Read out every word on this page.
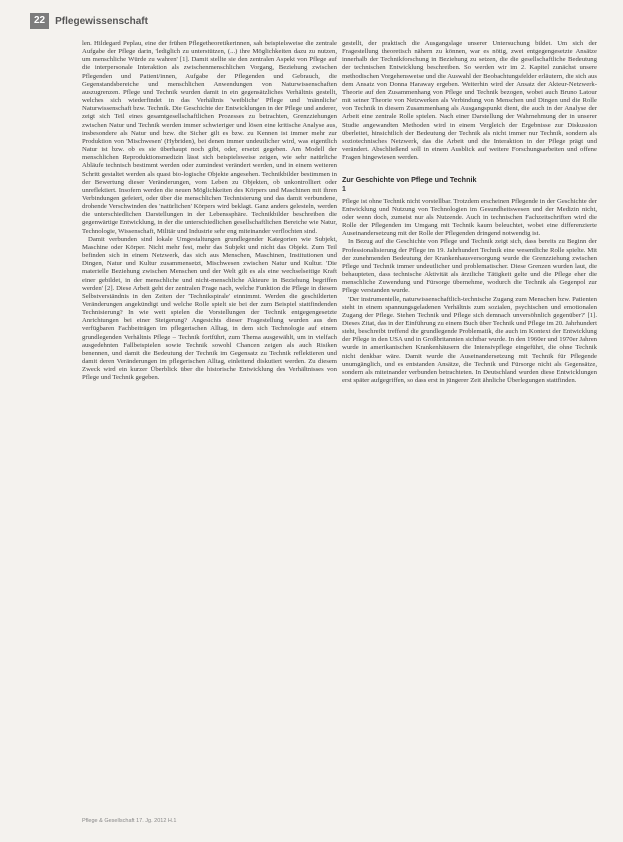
22	Pflegewissenschaft

len. Hildegard Peplau, eine der frühen Pflegetheoretikerinnen, sah beispielsweise die zentrale Aufgabe der Pflege darin, 'lediglich zu unterstützen, (...) ihre Möglichkeiten dazu zu nutzen, um menschliche Würde zu wahren' [1]. Damit stellte sie den zentralen Aspekt von Pflege auf die interpersonale Interaktion als zwischenmenschlichen Vorgang, Beziehung zwischen Pflegenden und Patient/innen, Aufgabe der Pflegenden und Gebrauch, die Gegenstandsbereiche und menschlichen Anwendungen von Naturwissenschaften auszugrenzen. Pflege und Technik wurden damit in ein gegensätzliches Verhältnis gestellt, welches sich wiederfindet in das Verhältnis 'weibliche' Pflege und 'männliche' Naturwissenschaft bzw. Technik. Die Geschichte der Entwicklungen in der Pflege und anderer, zeigt sich Teil eines gesamtgesellschaftlichen Prozesses zu betrachten, Grenzziehungen zwischen Natur und Technik werden immer schwieriger und lösen eine kritische Analyse aus, insbesondere als Natur und bzw. die Sicher gilt es bzw. zu Kennen ist immer mehr zur Produktion von 'Mischwesen' (Hybriden), bei denen immer undeutlicher wird, was eigentlich Natur ist bzw. ob es sie überhaupt noch gibt, oder, ersetzt gegeben. Am Modell der menschlichen Reproduktionsmedizin lässt sich beispielsweise zeigen, wie sehr natürliche Abläufe technisch bestimmt werden oder zumindest verändert werden, und in einem weiteren Schritt gestaltet werden als quasi bio-logische Objekte angesehen. Technikbilder bestimmen in der Bewertung dieser Veränderungen, vom Leben zu Objekten, ob unkontrolliert oder unreflektiert. Insofern werden die neuen Möglichkeiten des Körpers und Maschinen mit ihren Verbindungen gefeiert, oder über die menschlichen Technisierung und das damit verbundene, drohende Verschwinden des 'natürlichen' Körpers wird beklagt. Ganz anders gelesteln, werden die unterschiedlichen Darstellungen in der Lebenssphäre. Technikbilder beschreiben die gegenwärtige Entwicklung, in der die unterschiedlichen gesellschaftlichen Bereiche wie Natur, Technologie, Wissenschaft, Militär und Industrie sehr eng miteinander verflochten sind.

Damit verbunden sind lokale Umgestaltungen grundlegender Kategorien wie Subjekt, Maschine oder Körper. Nicht mehr fest, mehr das Subjekt und nicht das Objekt. Zum Teil befinden sich in einem Netzwerk, das sich aus Menschen, Maschinen, Institutionen und Dingen, Natur und Kultur zusammensetzt, Mischwesen zwischen Natur und Kultur. 'Die materielle Beziehung zwischen Menschen und der Welt gilt es als eine wechselseitige Kraft einer gebildet, in der menschliche und nicht-menschliche Akteure in Beziehung begriffen werden' [2]. Diese Arbeit geht der zentralen Frage nach, welche Funktion die Pflege in diesem Selbstverständnis in den Zeiten der 'Technikspirale' einnimmt. Werden die geschilderten Veränderungen angekündigt und welche Rolle spielt sie bei der zum Beispiel stattfindenden Technisierung? In wie weit spielen die Vorstellungen der Technik entgegengesetzte Anrichtungen bei einer Steigerung? Angesichts dieser Fragestellung wurden aus den verfügbaren Fachbeiträgen im pflegerischen Alltag, in dem sich Technologie auf einem grundlegenden Verhältnis Pflege – Technik fortführt, zum Thema ausgewählt, um in vielfach ausgedehnten Fallbeispielen sowie Technik sowohl Chancen zeigen als auch Risiken benennen, und damit die Bedeutung der Technik im Gegensatz zu Technik reflektieren und damit deren Veränderungen im pflegerischen Alltag, einleitend diskutiert werden. Zu diesem Zweck wird ein kurzer Überblick über die historische Entwicklung des Verhältnisses von Pflege und Technik gegeben.

gestellt, der praktisch die Ausgangslage unserer Untersuchung bildet. Um sich der Fragestellung theoretisch nähern zu können, war es nötig, zwei entgegengesetzte Ansätze innerhalb der Technikforschung in Beziehung zu setzen, die die gesellschaftliche Bedeutung der technischen Entwicklung beschreiben. So werden wir im 2. Kapitel zunächst unsere methodischen Vorgehensweise und die Auswahl der Beobachtungsfelder erläutern, die sich aus dem Ansatz von Donna Haraway ergeben. Weiterhin wird der Ansatz der Akteur-Netzwerk-Theorie auf den Zusammenhang von Pflege und Technik bezogen, wobei auch Bruno Latour mit seiner Theorie von Netzwerken als Verbindung von Menschen und Dingen und die Rolle von Technik in diesem Zusammenhang als Ausgangspunkt dient, die auch in der Analyse der Arbeit eine zentrale Rolle spielen. Nach einer Darstellung der Wahrnehmung der in unserer Studie angewandten Methoden wird in einem Vergleich der Ergebnisse zur Diskussion überleitet, hinsichtlich der Bedeutung der Technik als nicht immer nur Technik, sondern als soziotechnisches Netzwerk, das die Arbeit und die Interaktion in der Pflege prägt und verändert. Abschließend soll in einem Ausblick auf weitere Forschungsarbeiten und offene Fragen hingewiesen werden.

Zur Geschichte von Pflege und Technik
1

Pflege ist ohne Technik nicht vorstellbar. Trotzdem erscheinen Pflegende in der Geschichte der Entwicklung und Nutzung von Technologien im Gesundheitswesen und der Medizin nicht, oder wenn doch, zumeist nur als Nutzende. Auch in technischen Fachzeitschriften wird die Rolle der Pflegenden im Umgang mit Technik kaum beleuchtet, wobei eine differenzierte Auseinandersetzung mit der Rolle der Pflegenden dringend notwendig ist.

In Bezug auf die Geschichte von Pflege und Technik zeigt sich, dass bereits zu Beginn der Professionalisierung der Pflege im 19. Jahrhundert Technik eine wesentliche Rolle spielte. Mit der zunehmenden Bedeutung der Krankenhausversorgung wurde die Grenzziehung zwischen Pflege und Technik immer undeutlicher und problematischer. Diese Grenzen wurden laut, die behaupteten, dass technische Aktivität als ärztliche Tätigkeit gelte und die Pflege eher die menschliche Zuwendung und Fürsorge übernehme, wodurch die Technik als Gegenpol zur Pflege verstanden wurde.

'Der instrumentelle, naturwissenschaftlich-technische Zugang zum Menschen bzw. Patienten steht in einem spannungsgeladenen Verhältnis zum sozialen, psychischen und emotionalen Zugang der Pflege. Stehen Technik und Pflege sich demnach unversöhnlich gegenüber?' [1]. Dieses Zitat, das in der Einführung zu einem Buch über Technik und Pflege im 20. Jahrhundert steht, beschreibt treffend die grundlegende Problematik, die auch im Kontext der Entwicklung der Pflege in den USA und in Großbritannien sichtbar wurde. In den 1960er und 1970er Jahren wurde in amerikanischen Krankenhäusern die Intensivpflege eingeführt, die ohne Technik nicht denkbar wäre. Damit wurde die Auseinandersetzung mit Technik für Pflegende unumgänglich, und es entstanden Ansätze, die Technik und Fürsorge nicht als Gegensätze, sondern als miteinander verbunden betrachteten. In Deutschland wurden diese Entwicklungen erst später aufgegriffen, so dass erst in jüngerer Zeit ähnliche Überlegungen stattfinden.

Pflege & Gesellschaft 17. Jg. 2012 H.1
